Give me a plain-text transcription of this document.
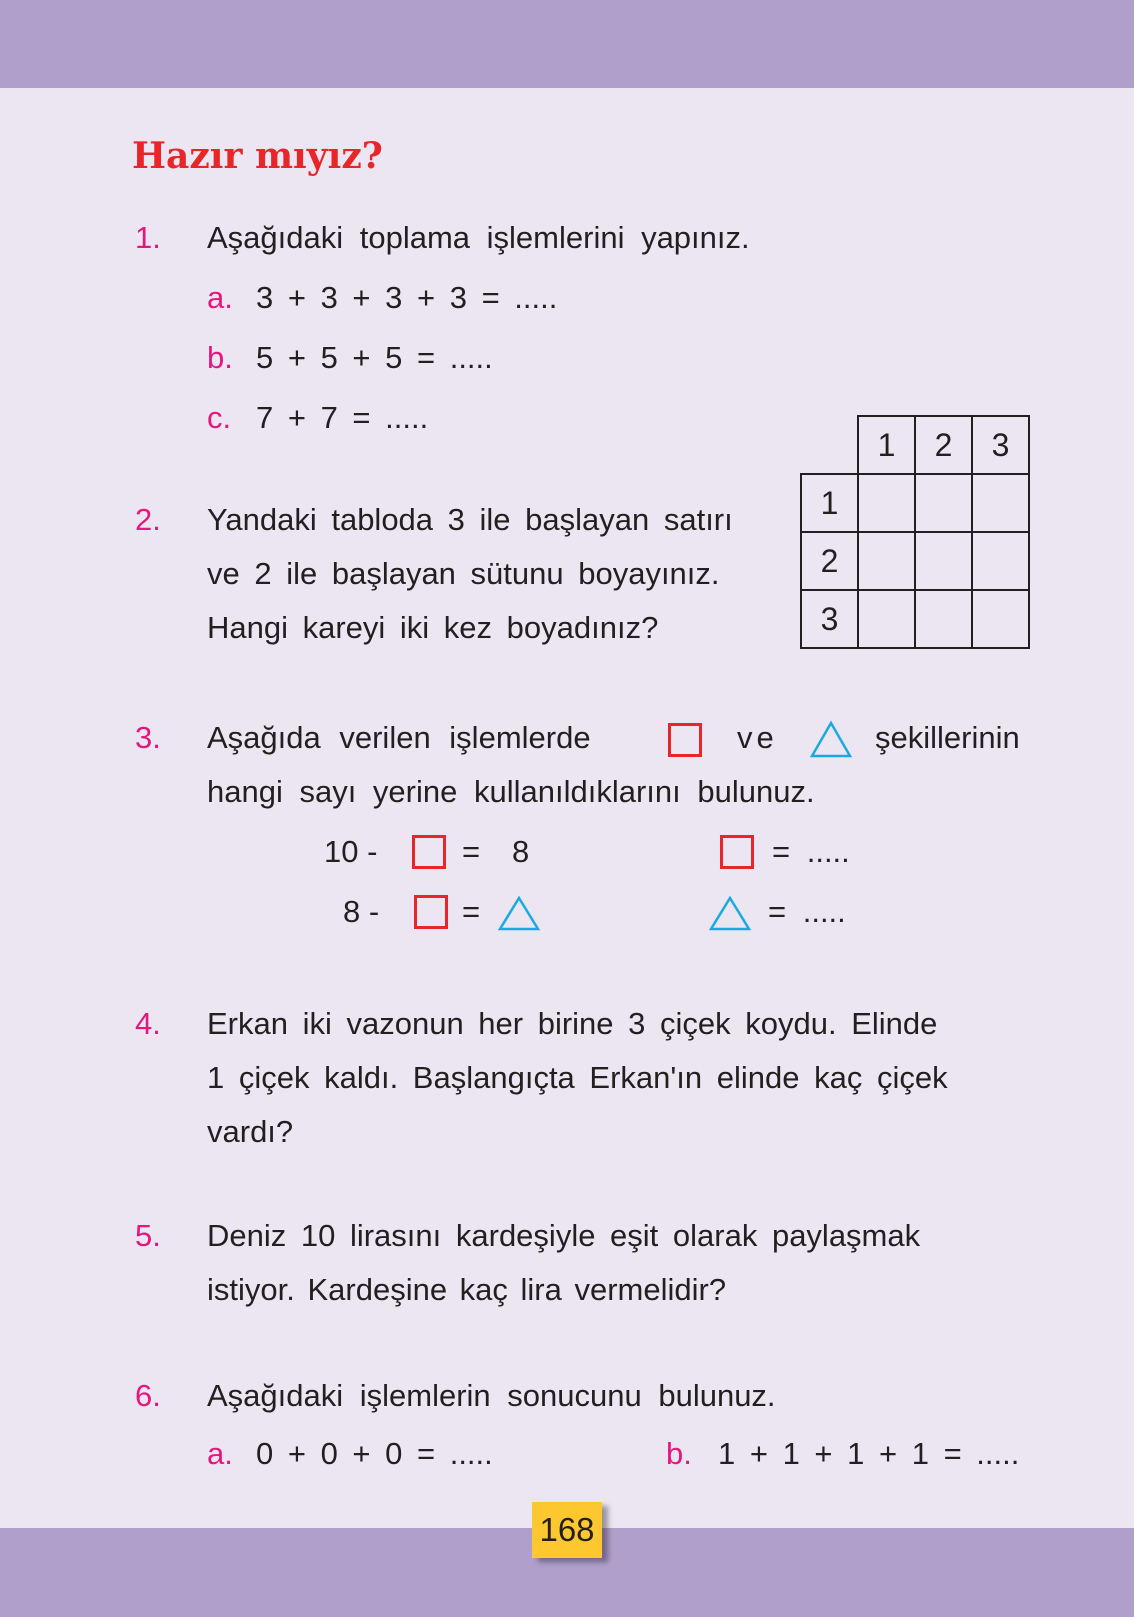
Hazır mıyız?
1. Aşağıdaki toplama işlemlerini yapınız.
a. 3 + 3 + 3 + 3 = .....
b. 5 + 5 + 5 = .....
c. 7 + 7 = .....
2. Yandaki tabloda 3 ile başlayan satırı
ve 2 ile başlayan sütunu boyayınız.
Hangi kareyi iki kez boyadınız?
	1	2	3
1			
2			
3			
3. Aşağıda verilen işlemlerde	ve	şekillerinin
hangi sayı yerine kullanıldıklarını bulunuz.
10 -	= 8	= .....
8 -	=	= .....
4. Erkan iki vazonun her birine 3 çiçek koydu. Elinde
1 çiçek kaldı. Başlangıçta Erkan'ın elinde kaç çiçek
vardı?
5. Deniz 10 lirasını kardeşiyle eşit olarak paylaşmak
istiyor. Kardeşine kaç lira vermelidir?
6. Aşağıdaki işlemlerin sonucunu bulunuz.
a. 0 + 0 + 0 = .....	b. 1 + 1 + 1 + 1 = .....
168
